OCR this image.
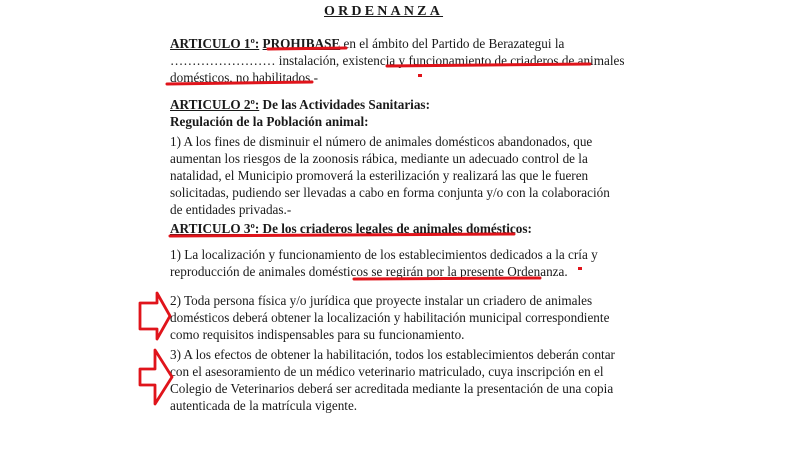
ORDENANZA
ARTICULO 1º: PROHIBASE en el ámbito del Partido de Berazategui la
…………………… instalación, existencia y funcionamiento de criaderos de animales
domésticos, no habilitados.-
ARTICULO 2º: De las Actividades Sanitarias:
Regulación de la Población animal:
1) A los fines de disminuir el número de animales domésticos abandonados, que
aumentan los riesgos de la zoonosis rábica, mediante un adecuado control de la
natalidad, el Municipio promoverá la esterilización y realizará las que le fueren
solicitadas, pudiendo ser llevadas a cabo en forma conjunta y/o con la colaboración
de entidades privadas.-
ARTICULO 3º: De los criaderos legales de animales domésticos:
1) La localización y funcionamiento de los establecimientos dedicados a la cría y
reproducción de animales domésticos se regirán por la presente Ordenanza.
2) Toda persona física y/o jurídica que proyecte instalar un criadero de animales
domésticos deberá obtener la localización y habilitación municipal correspondiente
como requisitos indispensables para su funcionamiento.
3) A los efectos de obtener la habilitación, todos los establecimientos deberán contar
con el asesoramiento de un médico veterinario matriculado, cuya inscripción en el
Colegio de Veterinarios deberá ser acreditada mediante la presentación de una copia
autenticada de la matrícula vigente.
